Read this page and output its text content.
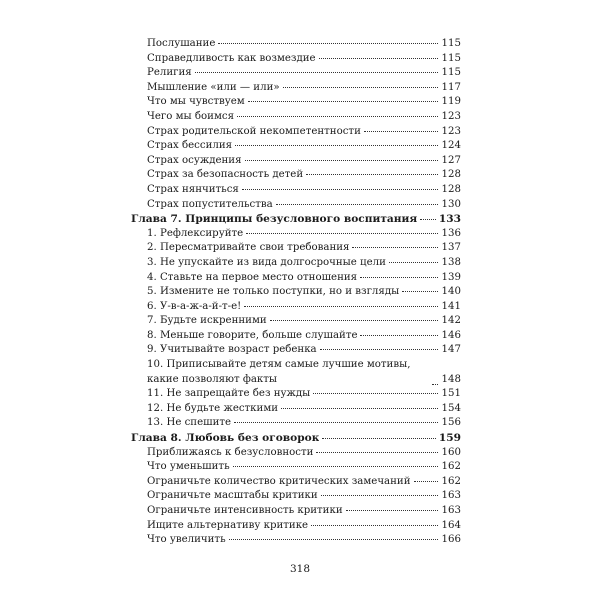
Послушание	115
Справедливость как возмездие	115
Религия	115
Мышление «или — или»	117
Что мы чувствуем	119
Чего мы боимся	123
Страх родительской некомпетентности	123
Страх бессилия	124
Страх осуждения	127
Страх за безопасность детей	128
Страх нянчиться	128
Страх попустительства	130
Глава 7. Принципы безусловного воспитания 133
1. Рефлексируйте	136
2. Пересматривайте свои требования	137
3. Не упускайте из вида долгосрочные цели	138
4. Ставьте на первое место отношения	139
5. Измените не только поступки, но и взгляды	140
6. У-в-а-ж-а-й-т-е!	141
7. Будьте искренними	142
8. Меньше говорите, больше слушайте	146
9. Учитывайте возраст ребенка	147
10. Приписывайте детям самые лучшие мотивы, какие позволяют факты	148
11. Не запрещайте без нужды	151
12. Не будьте жесткими	154
13. Не спешите	156
Глава 8. Любовь без оговорок	159
Приближаясь к безусловности	160
Что уменьшить	162
Ограничьте количество критических замечаний	162
Ограничьте масштабы критики	163
Ограничьте интенсивность критики	163
Ищите альтернативу критике	164
Что увеличить	166
318
